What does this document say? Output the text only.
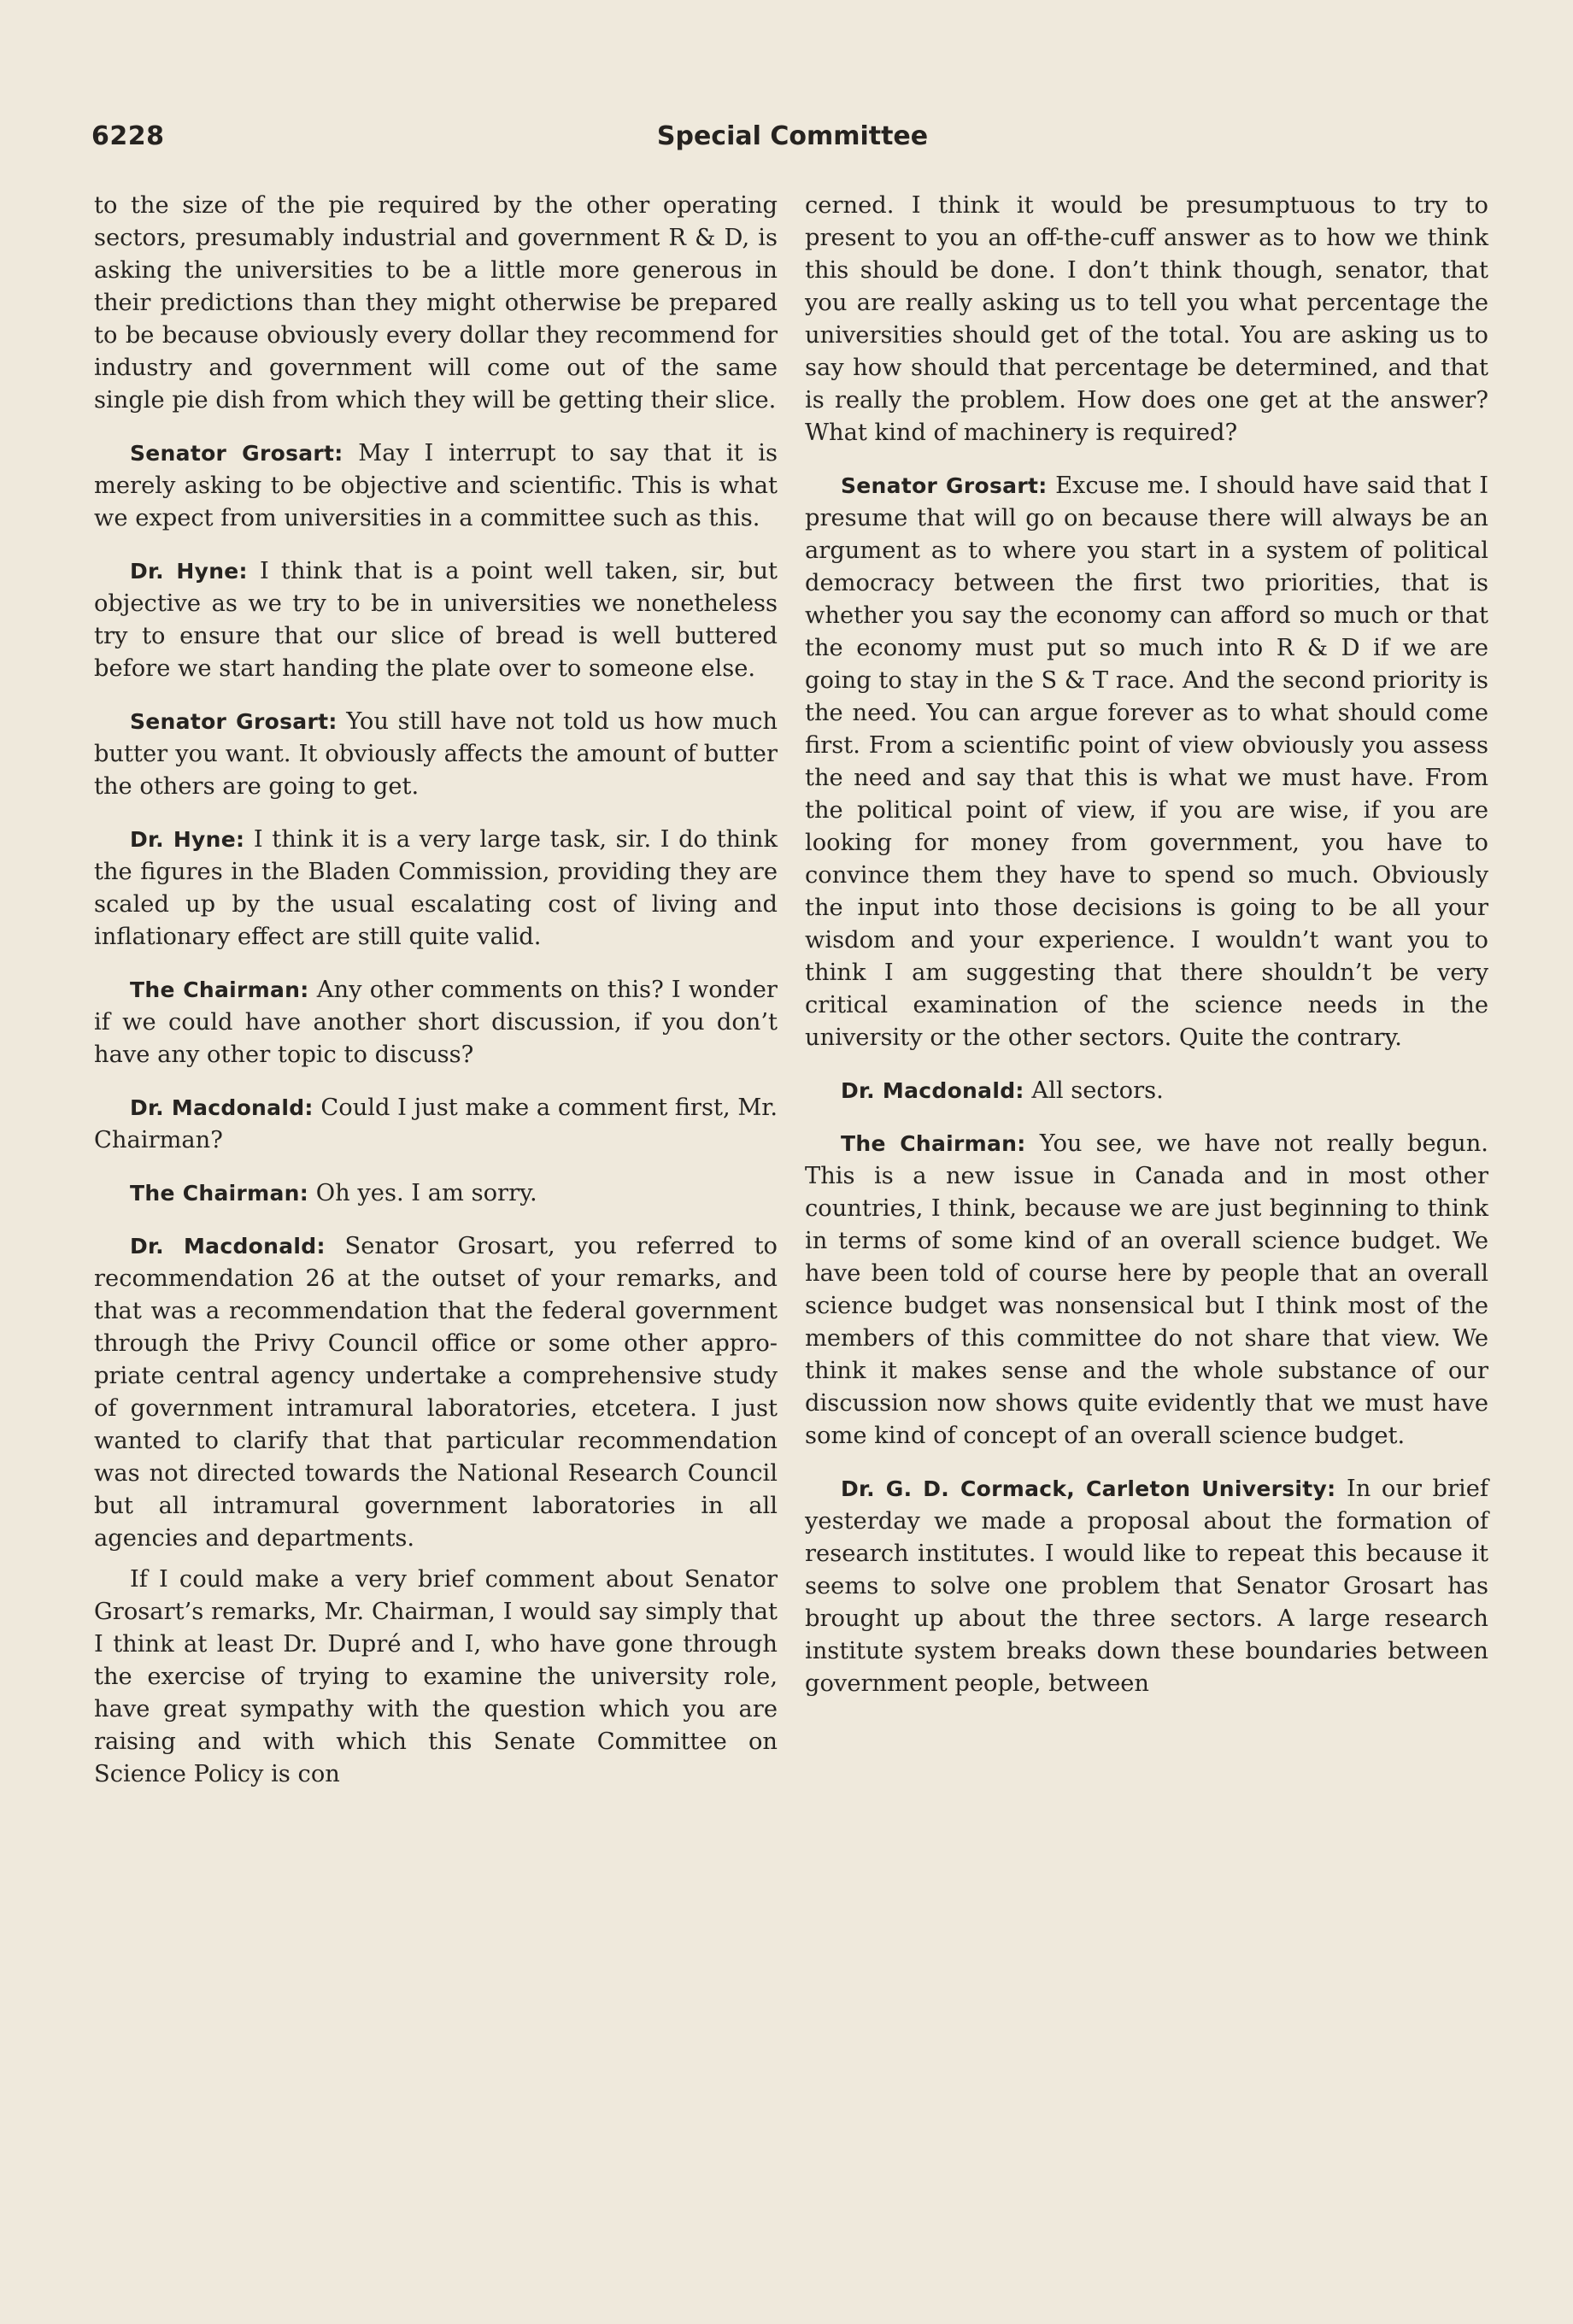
6228	Special Committee

to the size of the pie required by the other operating sectors, presumably industrial and government R & D, is asking the universities to be a little more generous in their predictions than they might otherwise be prepared to be because obviously every dollar they recommend for industry and government will come out of the same single pie dish from which they will be getting their slice.

Senator Grosart: May I interrupt to say that it is merely asking to be objective and scientific. This is what we expect from universities in a committee such as this.

Dr. Hyne: I think that is a point well taken, sir, but objective as we try to be in universities we nonetheless try to ensure that our slice of bread is well buttered before we start handing the plate over to someone else.

Senator Grosart: You still have not told us how much butter you want. It obviously affects the amount of butter the others are going to get.

Dr. Hyne: I think it is a very large task, sir. I do think the figures in the Bladen Commission, providing they are scaled up by the usual escalating cost of living and inflationary effect are still quite valid.

The Chairman: Any other comments on this? I wonder if we could have another short discussion, if you don’t have any other topic to discuss?

Dr. Macdonald: Could I just make a comment first, Mr. Chairman?

The Chairman: Oh yes. I am sorry.

Dr. Macdonald: Senator Grosart, you referred to recommendation 26 at the outset of your remarks, and that was a recommendation that the federal government through the Privy Council office or some other appropriate central agency undertake a comprehensive study of government intramural laboratories, etcetera. I just wanted to clarify that that particular recommendation was not directed towards the National Research Council but all intramural government laboratories in all agencies and departments.

If I could make a very brief comment about Senator Grosart’s remarks, Mr. Chairman, I would say simply that I think at least Dr. Dupré and I, who have gone through the exercise of trying to examine the university role, have great sympathy with the question which you are raising and with which this Senate Committee on Science Policy is con

cerned. I think it would be presumptuous to try to present to you an off-the-cuff answer as to how we think this should be done. I don’t think though, senator, that you are really asking us to tell you what percentage the universities should get of the total. You are asking us to say how should that percentage be determined, and that is really the problem. How does one get at the answer? What kind of machinery is required?

Senator Grosart: Excuse me. I should have said that I presume that will go on because there will always be an argument as to where you start in a system of political democracy between the first two priorities, that is whether you say the economy can afford so much or that the economy must put so much into R & D if we are going to stay in the S & T race. And the second priority is the need. You can argue forever as to what should come first. From a scientific point of view obviously you assess the need and say that this is what we must have. From the political point of view, if you are wise, if you are looking for money from government, you have to convince them they have to spend so much. Obviously the input into those decisions is going to be all your wisdom and your experience. I wouldn’t want you to think I am suggesting that there shouldn’t be very critical examination of the science needs in the university or the other sectors. Quite the contrary.

Dr. Macdonald: All sectors.

The Chairman: You see, we have not really begun. This is a new issue in Canada and in most other countries, I think, because we are just beginning to think in terms of some kind of an overall science budget. We have been told of course here by people that an overall science budget was nonsensical but I think most of the members of this committee do not share that view. We think it makes sense and the whole substance of our discussion now shows quite evidently that we must have some kind of concept of an overall science budget.

Dr. G. D. Cormack, Carleton University: In our brief yesterday we made a proposal about the formation of research institutes. I would like to repeat this because it seems to solve one problem that Senator Grosart has brought up about the three sectors. A large research institute system breaks down these boundaries between government people, between
